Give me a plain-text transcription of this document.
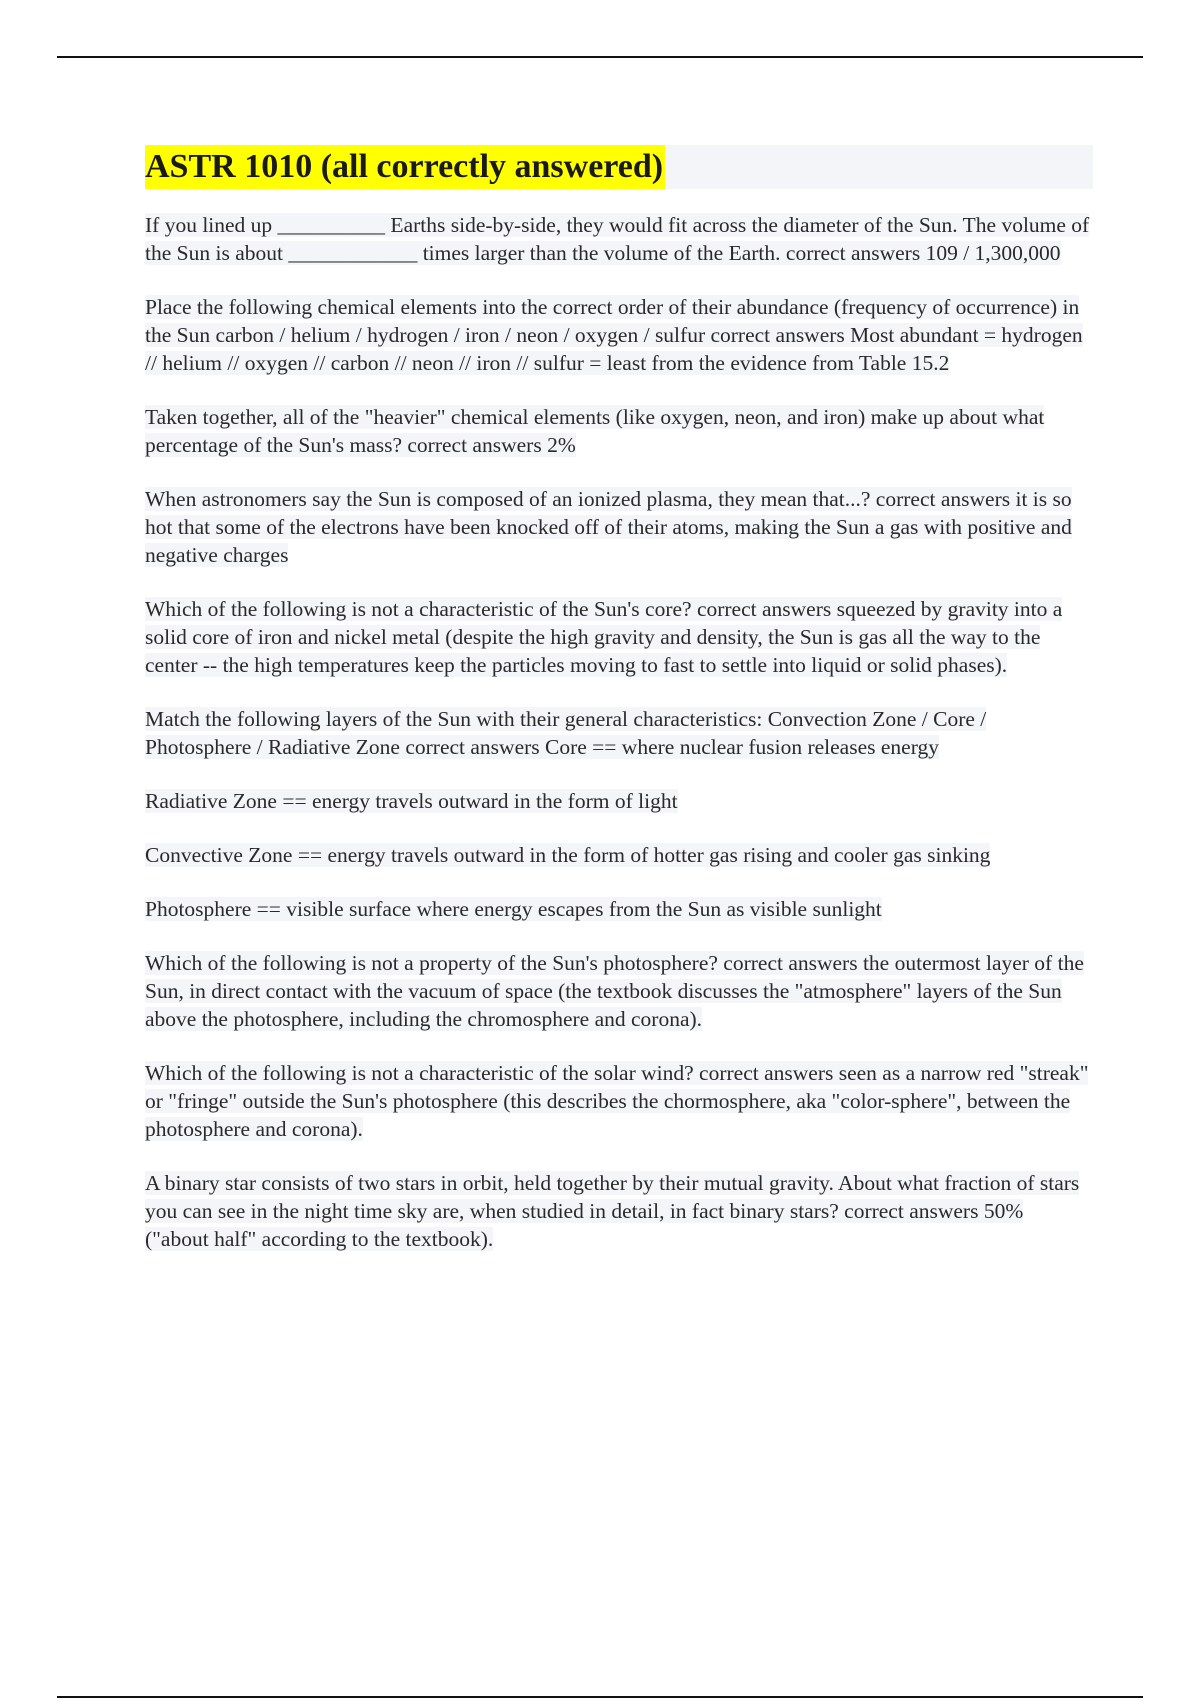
ASTR 1010 (all correctly answered)

If you lined up __________ Earths side-by-side, they would fit across the diameter of the Sun. The volume of the Sun is about ____________ times larger than the volume of the Earth. correct answers 109 / 1,300,000

Place the following chemical elements into the correct order of their abundance (frequency of occurrence) in the Sun carbon / helium / hydrogen / iron / neon / oxygen / sulfur correct answers Most abundant = hydrogen // helium // oxygen // carbon // neon // iron // sulfur = least from the evidence from Table 15.2

Taken together, all of the "heavier" chemical elements (like oxygen, neon, and iron) make up about what percentage of the Sun's mass? correct answers 2%

When astronomers say the Sun is composed of an ionized plasma, they mean that...? correct answers it is so hot that some of the electrons have been knocked off of their atoms, making the Sun a gas with positive and negative charges

Which of the following is not a characteristic of the Sun's core? correct answers squeezed by gravity into a solid core of iron and nickel metal (despite the high gravity and density, the Sun is gas all the way to the center -- the high temperatures keep the particles moving to fast to settle into liquid or solid phases).

Match the following layers of the Sun with their general characteristics: Convection Zone / Core / Photosphere / Radiative Zone correct answers Core == where nuclear fusion releases energy

Radiative Zone == energy travels outward in the form of light

Convective Zone == energy travels outward in the form of hotter gas rising and cooler gas sinking

Photosphere == visible surface where energy escapes from the Sun as visible sunlight

Which of the following is not a property of the Sun's photosphere? correct answers the outermost layer of the Sun, in direct contact with the vacuum of space (the textbook discusses the "atmosphere" layers of the Sun above the photosphere, including the chromosphere and corona).

Which of the following is not a characteristic of the solar wind? correct answers seen as a narrow red "streak" or "fringe" outside the Sun's photosphere (this describes the chormosphere, aka "color-sphere", between the photosphere and corona).

A binary star consists of two stars in orbit, held together by their mutual gravity. About what fraction of stars you can see in the night time sky are, when studied in detail, in fact binary stars? correct answers 50% ("about half" according to the textbook).
